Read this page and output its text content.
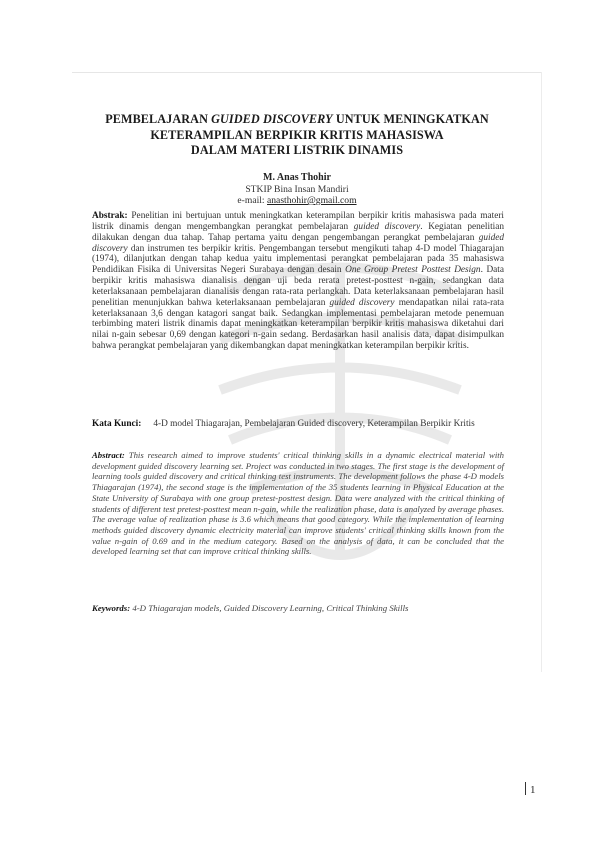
PEMBELAJARAN GUIDED DISCOVERY UNTUK MENINGKATKAN
KETERAMPILAN BERPIKIR KRITIS MAHASISWA
DALAM MATERI LISTRIK DINAMIS
M. Anas Thohir
STKIP Bina Insan Mandiri
e-mail: anasthohir@gmail.com
Abstrak: Penelitian ini bertujuan untuk meningkatkan keterampilan berpikir kritis mahasiswa pada materi listrik dinamis dengan mengembangkan perangkat pembelajaran guided discovery. Kegiatan penelitian dilakukan dengan dua tahap. Tahap pertama yaitu dengan pengembangan perangkat pembelajaran guided discovery dan instrumen tes berpikir kritis. Pengembangan tersebut mengikuti tahap 4-D model Thiagarajan (1974), dilanjutkan dengan tahap kedua yaitu implementasi perangkat pembelajaran pada 35 mahasiswa Pendidikan Fisika di Universitas Negeri Surabaya dengan desain One Group Pretest Posttest Design. Data berpikir kritis mahasiswa dianalisis dengan uji beda rerata pretest-posttest n-gain, sedangkan data keterlaksanaan pembelajaran dianalisis dengan rata-rata perlangkah. Data keterlaksanaan pembelajaran hasil penelitian menunjukkan bahwa keterlaksanaan pembelajaran guided discovery mendapatkan nilai rata-rata keterlaksanaan 3,6 dengan katagori sangat baik. Sedangkan implementasi pembelajaran metode penemuan terbimbing materi listrik dinamis dapat meningkatkan keterampilan berpikir kritis mahasiswa diketahui dari nilai n-gain sebesar 0,69 dengan kategori n-gain sedang. Berdasarkan hasil analisis data, dapat disimpulkan bahwa perangkat pembelajaran yang dikembangkan dapat meningkatkan keterampilan berpikir kritis.
Kata Kunci: 4-D model Thiagarajan, Pembelajaran Guided discovery, Keterampilan Berpikir Kritis
Abstract: This research aimed to improve students' critical thinking skills in a dynamic electrical material with development guided discovery learning set. Project was conducted in two stages. The first stage is the development of learning tools guided discovery and critical thinking test instruments. The development follows the phase 4-D models Thiagarajan (1974), the second stage is the implementation of the 35 students learning in Physical Education at the State University of Surabaya with one group pretest-posttest design. Data were analyzed with the critical thinking of students of different test pretest-posttest mean n-gain, while the realization phase, data is analyzed by average phases. The average value of realization phase is 3.6 which means that good category. While the implementation of learning methods guided discovery dynamic electricity material can improve students' critical thinking skills known from the value n-gain of 0.69 and in the medium category. Based on the analysis of data, it can be concluded that the developed learning set that can improve critical thinking skills.
Keywords: 4-D Thiagarajan models, Guided Discovery Learning, Critical Thinking Skills
1
